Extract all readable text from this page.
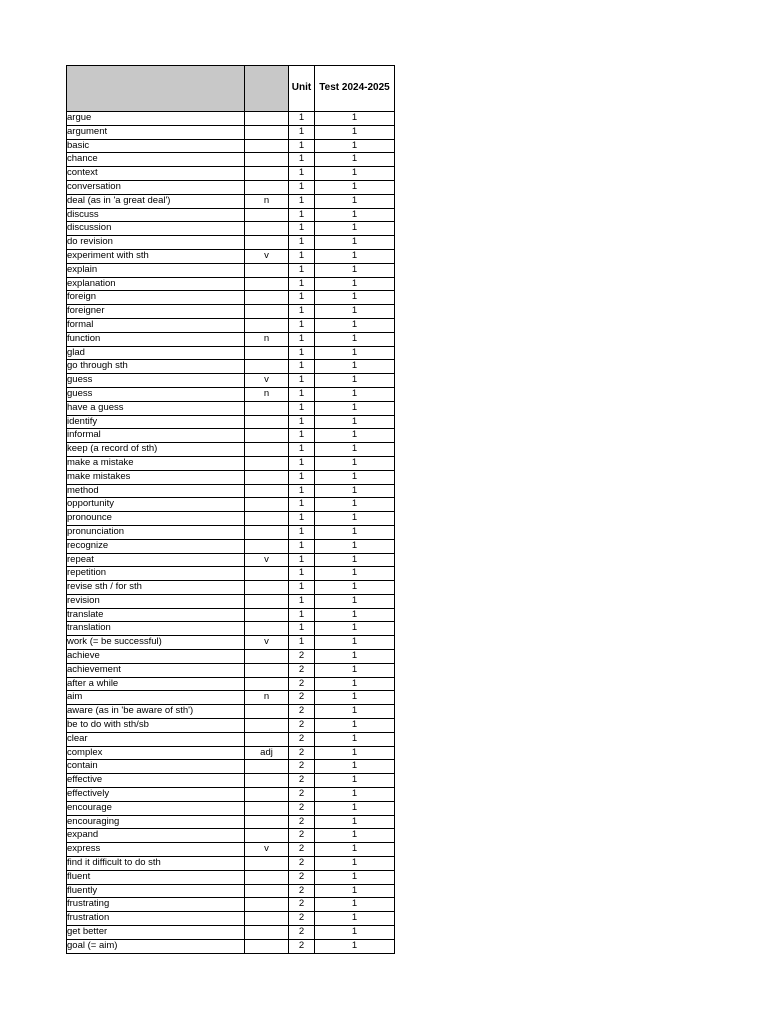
		Unit	Test 2024-2025
argue		1	1
argument		1	1
basic		1	1
chance		1	1
context		1	1
conversation		1	1
deal (as in 'a great deal')	n	1	1
discuss		1	1
discussion		1	1
do revision		1	1
experiment with sth	v	1	1
explain		1	1
explanation		1	1
foreign		1	1
foreigner		1	1
formal		1	1
function	n	1	1
glad		1	1
go through sth		1	1
guess	v	1	1
guess	n	1	1
have a guess		1	1
identify		1	1
informal		1	1
keep (a record of sth)		1	1
make a mistake		1	1
make mistakes		1	1
method		1	1
opportunity		1	1
pronounce		1	1
pronunciation		1	1
recognize		1	1
repeat	v	1	1
repetition		1	1
revise sth / for sth		1	1
revision		1	1
translate		1	1
translation		1	1
work (= be successful)	v	1	1
achieve		2	1
achievement		2	1
after a while		2	1
aim	n	2	1
aware (as in 'be aware of sth')		2	1
be to do with sth/sb		2	1
clear		2	1
complex	adj	2	1
contain		2	1
effective		2	1
effectively		2	1
encourage		2	1
encouraging		2	1
expand		2	1
express	v	2	1
find it difficult to do sth		2	1
fluent		2	1
fluently		2	1
frustrating		2	1
frustration		2	1
get better		2	1
goal (= aim)		2	1
